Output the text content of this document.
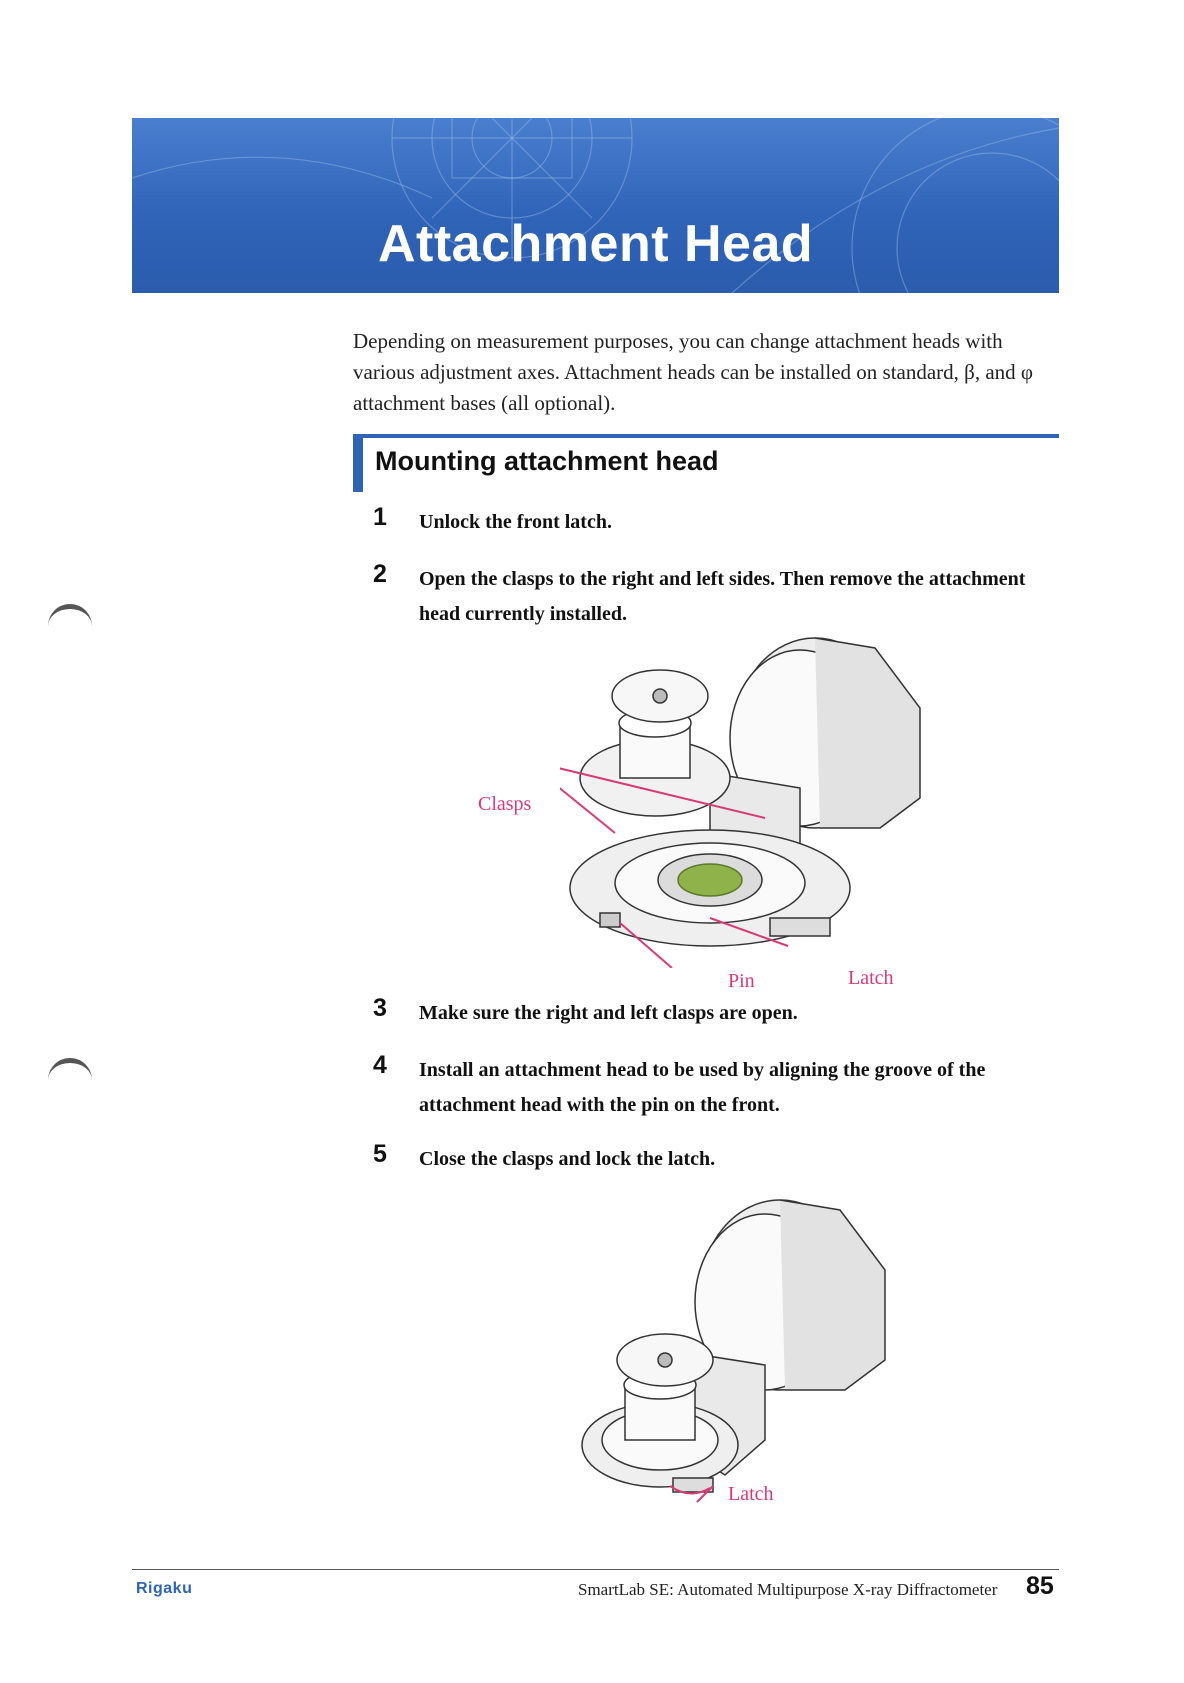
Attachment Head

Depending on measurement purposes, you can change attachment heads with

various adjustment axes. Attachment heads can be installed on standard, β, and φ

attachment bases (all optional).

Mounting attachment head
1 Unlock the front latch.
2 Open the clasps to the right and left sides. Then remove the attachment
head currently installed.
Clasps
Pin	Latch
3 Make sure the right and left clasps are open.
4 Install an attachment head to be used by aligning the groove of the
attachment head with the pin on the front.
5 Close the clasps and lock the latch.
Latch
Rigaku	SmartLab SE: Automated Multipurpose X-ray Diffractometer 85
